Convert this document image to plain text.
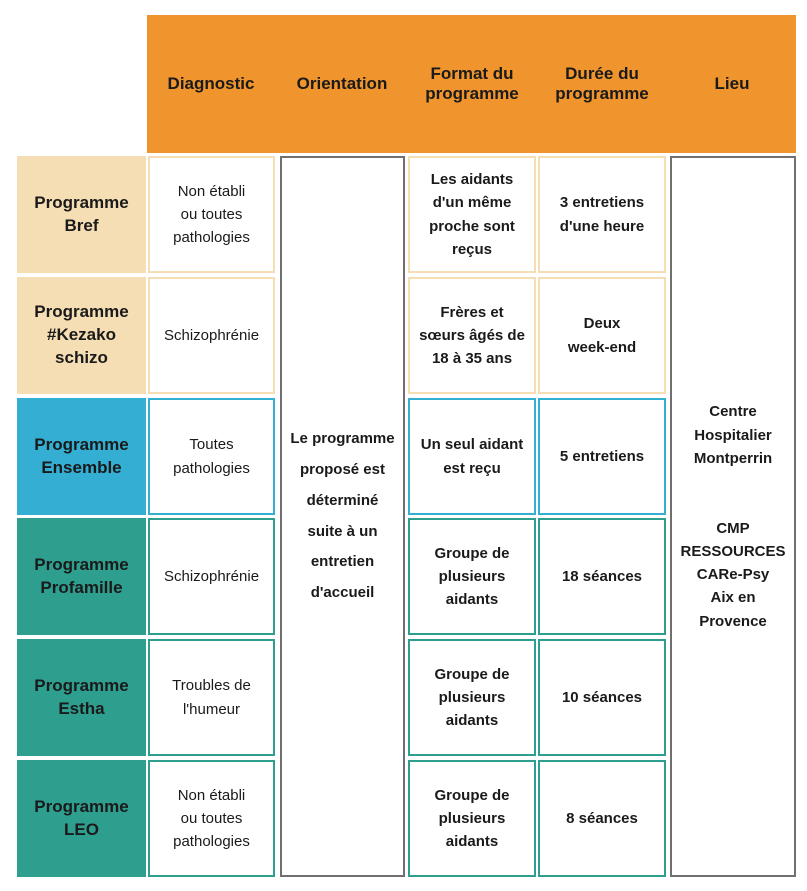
Diagnostic	Orientation
Format du
programme
Durée du
programme
Lieu
Programme
Bref
Non établi
ou toutes
pathologies
Les aidants
d'un même
proche sont
reçus
3 entretiens
d'une heure
Programme
#Kezako
schizo
Schizophrénie
Frères et
sœurs âgés de
18 à 35 ans
Deux
week-end
Programme
Ensemble
Toutes
pathologies
Un seul aidant
est reçu
5 entretiens
Programme
Profamille
Schizophrénie
Groupe de
plusieurs
aidants
18 séances
Programme
Estha
Troubles de
l'humeur
Groupe de
plusieurs
aidants
10 séances
Programme
LEO
Non établi
ou toutes
pathologies
Groupe de
plusieurs
aidants
8 séances
Le programme
proposé est
déterminé
suite à un
entretien
d'accueil
Centre
Hospitalier
Montperrin

CMP
RESSOURCES
CARe-Psy
Aix en
Provence
